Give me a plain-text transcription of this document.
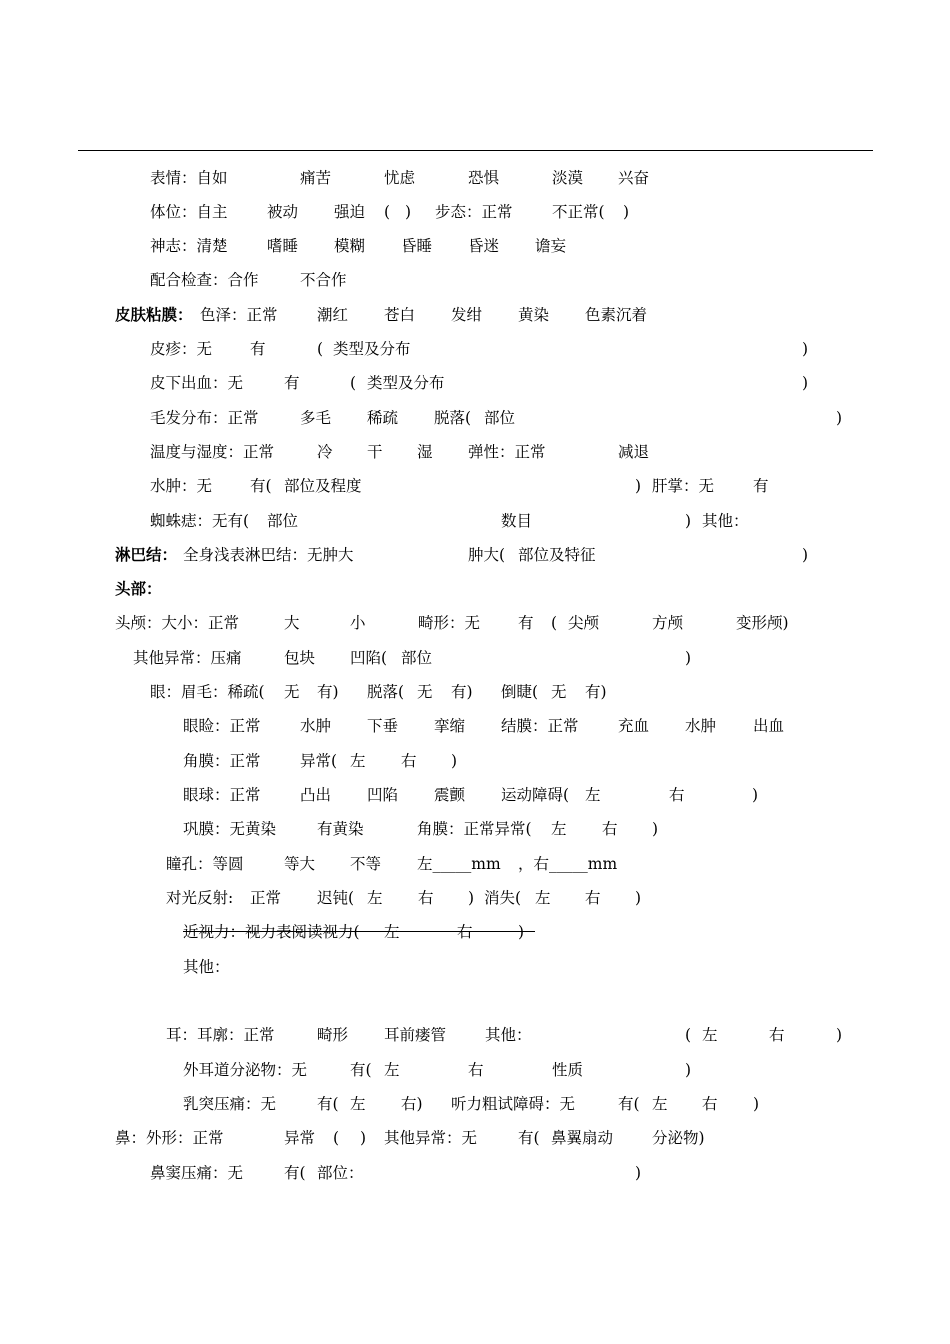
表情：自如	痛苦	忧虑	恐惧	淡漠 兴奋
体位：自主	被动 强迫 ( ) 步态：正常	不正常( )
神志：清楚	嗜睡 模糊 昏睡 昏迷 谵妄
配合检查：合作	不合作
皮肤粘膜： 色泽：正常	潮红 苍白 发绀 黄染 色素沉着
皮疹：无 有	( 类型及分布	)
皮下出血：无	有	( 类型及分布	)
毛发分布：正常	多毛 稀疏 脱落( 部位	)
温度与湿度：正常	冷 干 湿 弹性：正常	减退
水肿：无 有( 部位及程度	) 肝掌：无	有
蜘蛛痣：无有( 部位	数目	) 其他：
淋巴结： 全身浅表淋巴结：无肿大	肿大( 部位及特征	)
头部：
头颅：大小：正常	大	小	畸形：无 有 ( 尖颅	方颅	变形颅)
其他异常：压痛	包块 凹陷( 部位	)
眼：眉毛：稀疏( 无 有) 脱落( 无 有) 倒睫( 无 有)
眼睑：正常	水肿 下垂 挛缩 结膜：正常	充血 水肿 出血
角膜：正常	异常( 左 右 )
眼球：正常	凸出 凹陷 震颤 运动障碍( 左	右	)
巩膜：无黄染	有黄染	角膜：正常异常( 左 右 )
瞳孔：等圆	等大 不等 左_____mm ，右_____mm
对光反射: 正常 迟钝( 左 右 ) 消失( 左 右 )
近视力：视力表阅读视力( 左	右	)
其他：
耳：耳廓：正常	畸形 耳前瘘管	其他：	( 左	右	)
外耳道分泌物：无	有( 左	右	性质	)
乳突压痛：无	有( 左 右) 听力粗试障碍：无	有( 左 右 )
鼻：外形：正常	异常 ( ) 其他异常：无	有( 鼻翼扇动	分泌物)
鼻窦压痛：无	有( 部位：	)
